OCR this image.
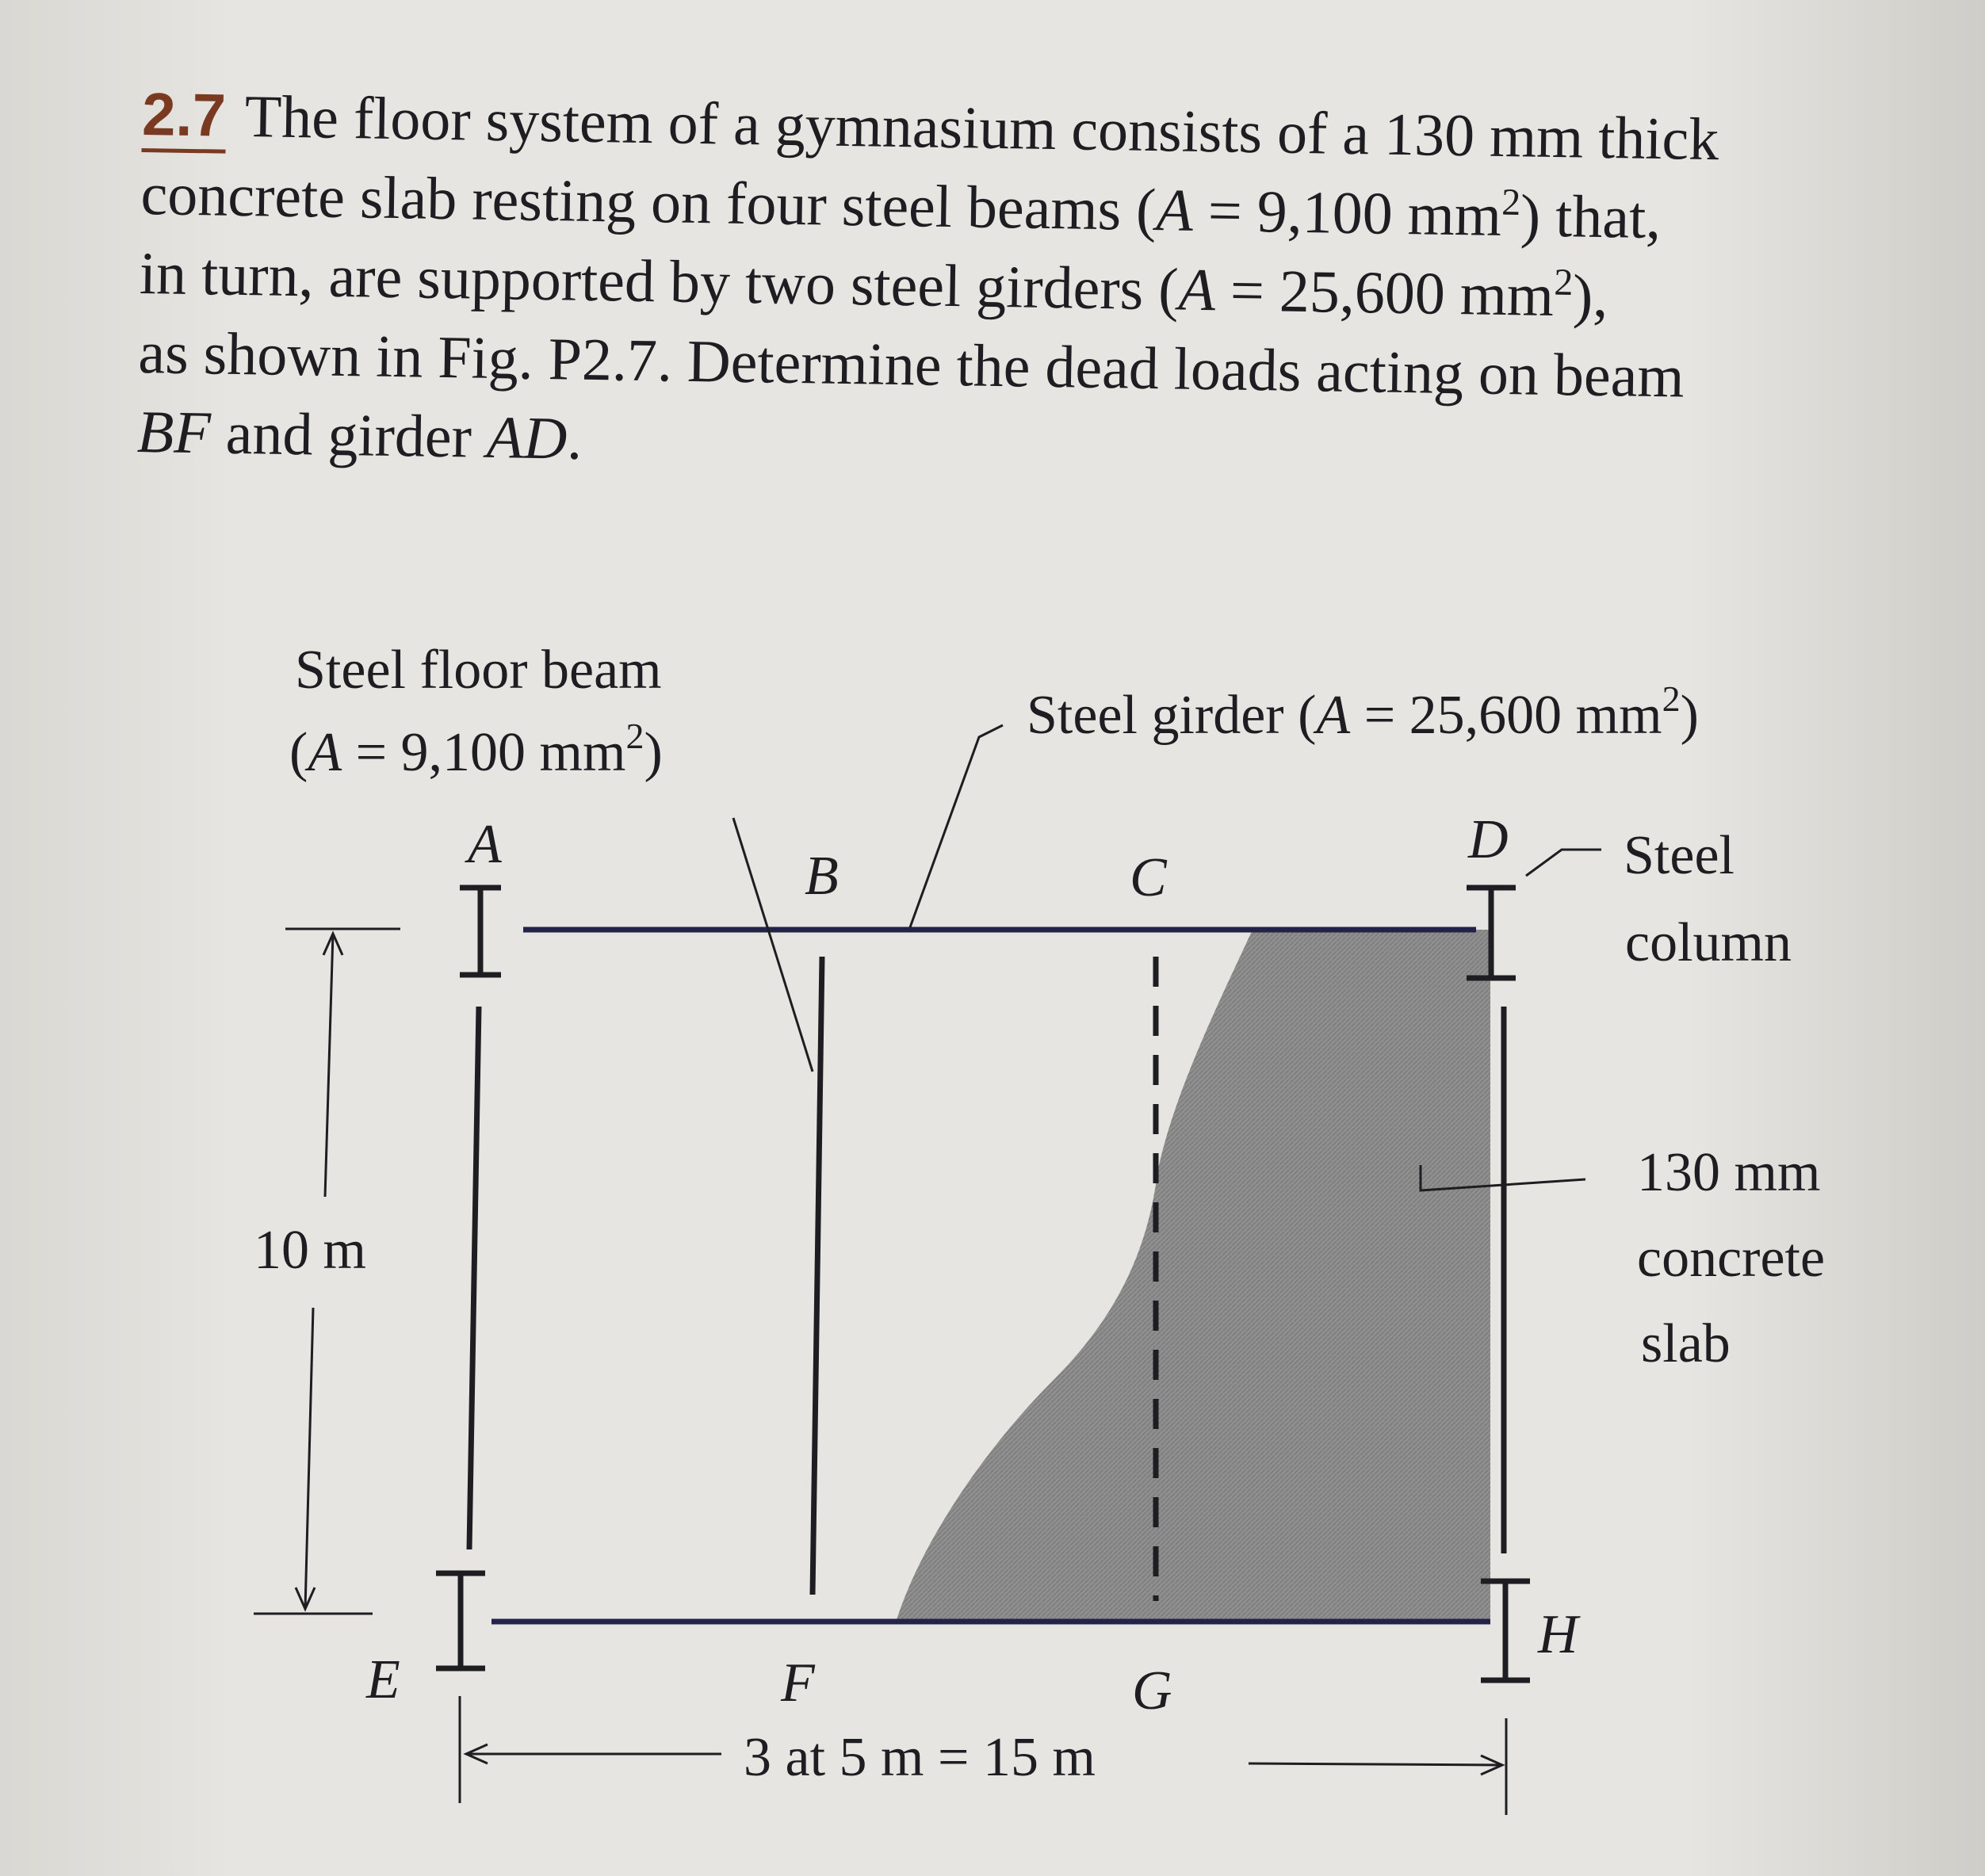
2.7 The floor system of a gymnasium consists of a 130 mm thick
concrete slab resting on four steel beams (A = 9,100 $mm^2$) that,
in turn, are supported by two steel girders (A = 25,600 $mm^2$),
as shown in Fig. P2.7. Determine the dead loads acting on beam
BF and girder AD.
Steel floor beam
(A = 9,100 $mm^2$)
Steel girder (A = 25,600 $mm^2$)
Steel
column
130 mm
concrete
slab
10 m
3 at 5 m = 15 m
A
B	C
D
E	F	G
H
